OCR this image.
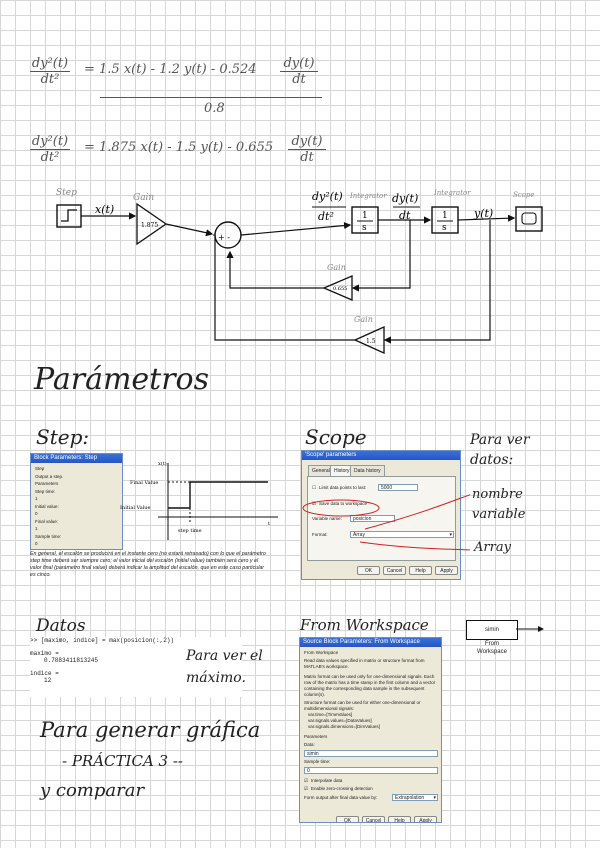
dy²(t)
dt²
= 1.5 x(t) - 1.2 y(t) - 0.524 dy(t)
dt
0.8
dy²(t)
dt²
= 1.875 x(t) - 1.5 y(t) - 0.655 dy(t)
dt
Step
x(t)
1.875
Gain
+ -
dy²(t)
dt²	1
s
Integrator dy(t)
dt	1
s
Integrator
y(t)
Scope
0.655
Gain
1.5
Gain
Parámetros
Step:
Block Parameters: Step
Step
Output a step.
Parameters
Step time:
1
Initial value:
0
Final value:
1
Sample time:
0
x(t)
Final Value
Initial Value
step time
t
En general, el escalón se producirá en el instante cero (no estará retrasado) con lo que el parámetro step time deberá ser siempre cero; el valor inicial del escalón (initial value) también será cero y el valor final (parámetro final value) deberá indicar la amplitud del escalón, que en este caso particular es cinco.
Scope
'Scope' parameters
General History Data history
☐ Limit data points to last:	5000
☑ Save data to workspace
Variable name:	posicion
Format:	Array	▾
OK	Cancel	Help	Apply
Para ver
datos:
nombre
variable
Array
Datos
>> [maximo, indice] = max(posicion(:,2))
maximo =
0.7883411813245
indice =
12
Para ver el
máximo.
Para generar gráfica
- PRÁCTICA 3 --
y comparar
From Workspace	simin
From
Workspace
Source Block Parameters: From Workspace
From Workspace
Read data values specified in matrix or structure format from MATLAB's workspace.
Matrix format can be used only for one-dimensional signals. Each row of the matrix has a time stamp in the first column and a vector containing the corresponding data sample in the subsequent column(s).
Structure format can be used for either one-dimensional or multidimensional signals:
var.time=[TimeValues]
var.signals.values=[DataValues]
var.signals.dimensions=[DimValues]
Parameters
Data:
simin
Sample time:
0
☑ Interpolate data
☑ Enable zero-crossing detection
Form output after final data value by:	Extrapolation ▾
OK	Cancel	Help	Apply
